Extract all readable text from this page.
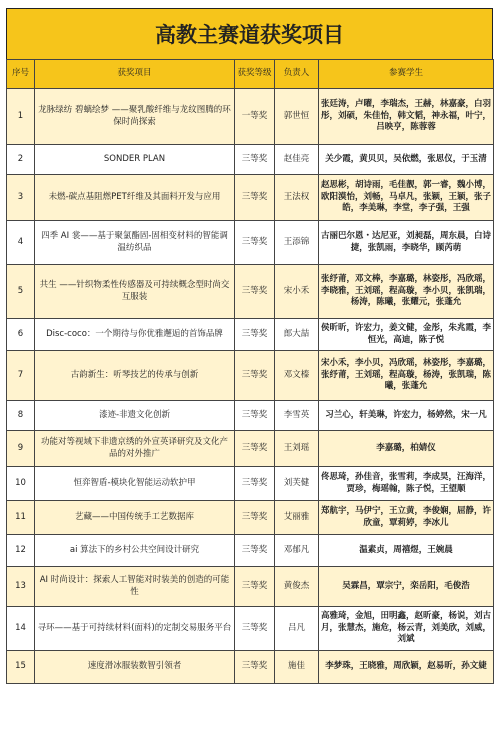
高教主赛道获奖项目
序号	获奖项目	获奖等级	负责人	参赛学生
1	龙脉绿纺 碧螭绘梦 ——聚乳酸纤维与龙纹图腾的环保时尚探索	一等奖	郭世恒	张廷涛，卢曜，李瑞杰，王赫，林嘉豪，白羽彤，刘硕，朱佳怡，韩文韬，神永福，叶宁，吕映亨，陈蓉蓉
2	SONDER PLAN	三等奖	赵佳亮	关少霞，黄贝贝，吴依燃，张思仪，于玉清
3	未燃-碳点基阻燃PET纤维及其面料开发与应用	三等奖	王法权	赵思彬，胡诗雨，毛佳靓，郭一睿，魏小博，欧阳漠怡，刘畅，马卓凡，张颖，王颖，张子皓，李美琳，李堂，李子强，王强
4	四季 AI 裳——基于聚氯酯固-固相变材料的智能调温纺织品	三等奖	王添锦	古丽巴尔恩・达尼亚，刘昶磊，周东晨，白诗捷，张凯雨，李晓华，顾芮萌
5	共生 ——针织物柔性传感器及可持续概念型时尚交互服装	三等奖	宋小禾	张纾莆，邓文棒，李嘉璐，林姿彤，冯欣瑶，李晓雅，王刘瑶，程高璇，李小贝，张凯瑞，杨涛，陈曦，张耀元，张蓬允
6	Disc-coco：一个期待与你优雅邂逅的首饰品牌	三等奖	郎大喆	侯昕昕，许宏力，姜文健，金彤，朱兆霞，李恒光，高迪，陈子悦
7	古韵新生：听琴技艺的传承与创新	三等奖	邓文榛	宋小禾，李小贝，冯欣瑶，林姿彤，李嘉璐，张纾莆，王刘瑶，程高璇，杨涛，张凯瑞，陈曦，张蓬允
8	漆迹-非遗文化创新	三等奖	李雪英	习兰心，轩美琳，许宏力，杨婷然，宋一凡
9	功能对等视域下非遗京绣的外宣英译研究及文化产品的对外推广	三等奖	王刘瑶	李嘉璐，柏婧仪
10	恒弈智盾-模块化智能运动软护甲	三等奖	刘芙健	佟思琦，孙佳音，张雪莉，李成昊，汪海洋，贾珍，梅瑶翰，陈子悦，王望顺
11	艺藏——中国传统手工艺数据库	三等奖	艾丽雅	郑航宇，马伊宁，王立黄，李俊娴，屈静，许欣童，覃莉婷，李冰儿
12	ai 算法下的乡村公共空间设计研究	三等奖	邓郁凡	温素贞，周禧煜，王婉晨
13	AI 时尚设计：探索人工智能对时装美的创造的可能性	三等奖	黄俊杰	吴霖昌，覃宗宁，栾岳阳，毛俊浩
14	寻环——基于可持续材料(面料)的定制交易服务平台	三等奖	吕凡	高雅琦，金旭，田明鑫，赵昕豪，杨说，刘古月，张慧杰，施危，杨云青，刘美欣，刘威，刘斌
15	速度滑冰服装数智引领者	三等奖	施佳	李梦珠，王晓雅，周欣颖，赵易昕，孙文婕
